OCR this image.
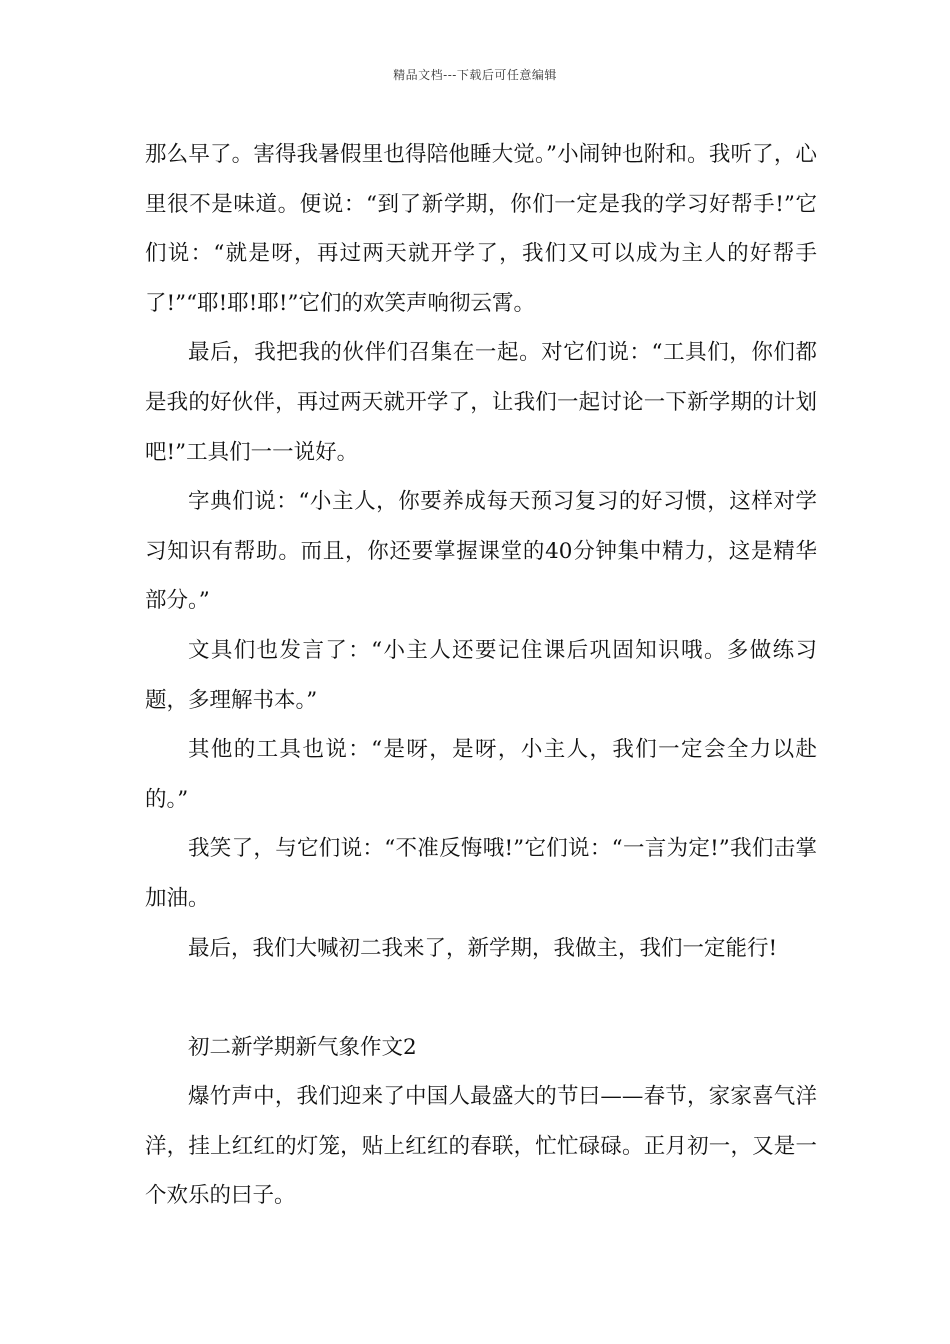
精品文档---下载后可任意编辑

那么早了。害得我暑假里也得陪他睡大觉。”小闹钟也附和。我听了，心里很不是味道。便说：“到了新学期，你们一定是我的学习好帮手!”它们说：“就是呀，再过两天就开学了，我们又可以成为主人的好帮手了!”“耶!耶!耶!”它们的欢笑声响彻云霄。

最后，我把我的伙伴们召集在一起。对它们说：“工具们，你们都是我的好伙伴，再过两天就开学了，让我们一起讨论一下新学期的计划吧!”工具们一一说好。

字典们说：“小主人，你要养成每天预习复习的好习惯，这样对学习知识有帮助。而且，你还要掌握课堂的40分钟集中精力，这是精华部分。”

文具们也发言了：“小主人还要记住课后巩固知识哦。多做练习题，多理解书本。”

其他的工具也说：“是呀，是呀，小主人，我们一定会全力以赴的。”

我笑了，与它们说：“不准反悔哦!”它们说：“一言为定!”我们击掌加油。

最后，我们大喊初二我来了，新学期，我做主，我们一定能行!

初二新学期新气象作文2

爆竹声中，我们迎来了中国人最盛大的节曰——春节，家家喜气洋洋，挂上红红的灯笼，贴上红红的春联，忙忙碌碌。正月初一，又是一个欢乐的曰子。
